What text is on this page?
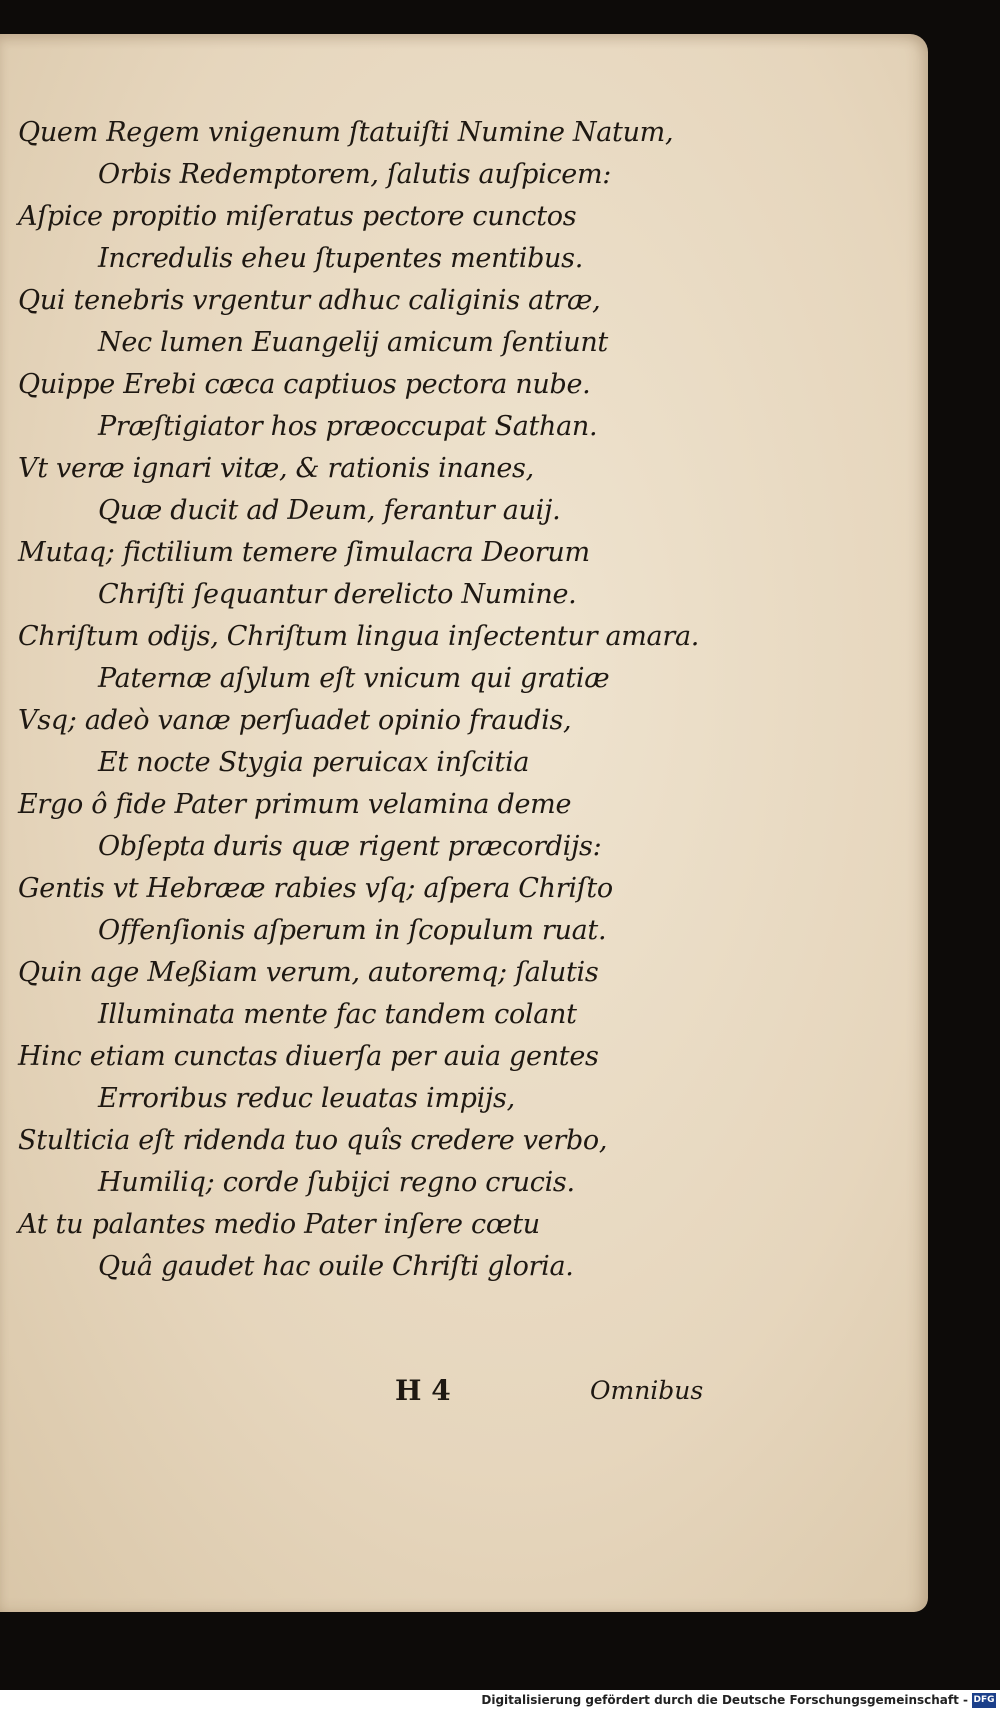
Quem Regem vnigenum ſtatuiſti Numine Natum,
Orbis Redemptorem, ſalutis auſpicem:
Aſpice propitio miſeratus pectore cunctos
Incredulis eheu ſtupentes mentibus.
Qui tenebris vrgentur adhuc caliginis atræ,
Nec lumen Euangelij amicum ſentiunt
Quippe Erebi cæca captiuos pectora nube.
Præſtigiator hos præoccupat Sathan.
Vt veræ ignari vitæ, & rationis inanes,
Quæ ducit ad Deum, ferantur auij.
Mutaq; fictilium temere ſimulacra Deorum
Chriſti ſequantur derelicto Numine.
Chriſtum odijs, Chriſtum lingua inſectentur amara.
Paternæ aſylum eſt vnicum qui gratiæ
Vsq; adeò vanæ perſuadet opinio fraudis,
Et nocte Stygia peruicax inſcitia
Ergo ô fide Pater primum velamina deme
Obſepta duris quæ rigent præcordijs:
Gentis vt Hebrææ rabies vſq; aſpera Chriſto
Offenſionis aſperum in ſcopulum ruat.
Quin age Meßiam verum, autoremq; ſalutis
Illuminata mente fac tandem colant
Hinc etiam cunctas diuerſa per auia gentes
Erroribus reduc leuatas impijs,
Stulticia eſt ridenda tuo quîs credere verbo,
Humiliq; corde ſubijci regno crucis.
At tu palantes medio Pater inſere cœtu
Quâ gaudet hac ouile Chriſti gloria.
H 4	Omnibus
Digitalisierung gefördert durch die Deutsche Forschungsgemeinschaft - DFG
